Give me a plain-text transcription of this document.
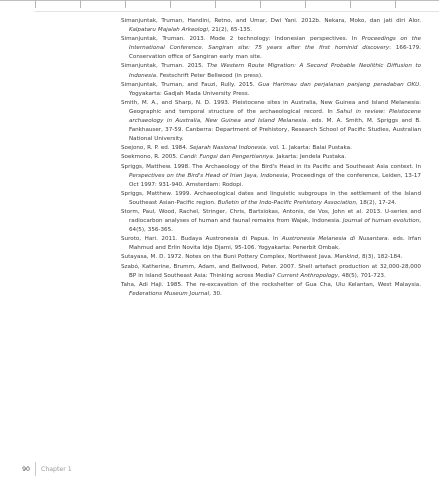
Simanjuntak, Truman, Handini, Retno, and Umar, Dwi Yani. 2012b. Nekara, Moko, dan jati diri Alor. Kalpataru Majalah Arkeologi, 21(2), 65-135.

Simanjuntak, Truman. 2013. Mode 2 technology: Indonesian perspectives. In Proceedings on the International Conference. Sangiran site: 75 years after the first hominid discovery: 166-179. Conservation office of Sangiran early man site.

Simanjuntak, Truman. 2015. The Western Route Migration: A Second Probable Neolithic Diffusion to Indonesia. Festschrift Peter Bellwood (in press).

Simanjuntak, Truman, and Fauzi, Rully. 2015. Gua Harimau dan perjalanan panjang peradaban OKU. Yogyakarta: Gadjah Mada University Press.

Smith, M. A., and Sharp, N. D. 1993. Pleistocene sites in Australia, New Guinea and Island Melanesia: Geographic and temporal structure of the archaeological record. In Sahul in review: Pleistocene archaeology in Australia, New Guinea and Island Melanesia. eds. M. A. Smith, M. Spriggs and B. Fankhauser, 37-59. Canberra: Department of Prehistory, Research School of Pacific Studies, Australian National University.

Soejono, R. P. ed. 1984. Sejarah Nasional Indonesia. vol. 1. Jakarta: Balai Pustaka.

Soekmono, R. 2005. Candi: Fungsi dan Pengertiannya. Jakarta: Jendela Pustaka.

Spriggs, Matthew. 1998. The Archaeology of the Bird's Head in its Pacific and Southeast Asia context. In Perspectives on the Bird's Head of Irian Jaya, Indonesia, Proceedings of the conference, Leiden, 13-17 Oct 1997: 931-940. Amsterdam: Rodopi.

Spriggs, Matthew. 1999. Archaeological dates and linguistic subgroups in the settlement of the Island Southeast Asian-Pacific region. Bulletin of the Indo-Pacific Prehistory Association, 18(2), 17-24.

Storm, Paul, Wood, Rachel, Stringer, Chris, Bartsiokas, Antonis, de Vos, John et al. 2013. U-series and radiocarbon analyses of human and faunal remains from Wajak, Indonesia. Journal of human evolution, 64(5), 356-365.

Suroto, Hari. 2011. Budaya Austronesia di Papua. In Austronesia Melanesia di Nusantara. eds. Irfan Mahmud and Erlin Novita Idje Djami, 95-106. Yogyakarta: Penerbit Ombak.

Sutayasa, M. D. 1972. Notes on the Buni Pottery Complex, Northwest Java. Mankind, 8(3), 182-184.

Szabó, Katherine, Brumm, Adam, and Bellwood, Peter. 2007. Shell artefact production at 32,000-28,000 BP in island Southeast Asia: Thinking across Media? Current Anthropology, 48(5), 701-723.

Taha, Adi Haji. 1985. The re-excavation of the rockshelter of Gua Cha, Ulu Kelantan, West Malaysia. Federations Museum Journal, 30.

90 Chapter 1
